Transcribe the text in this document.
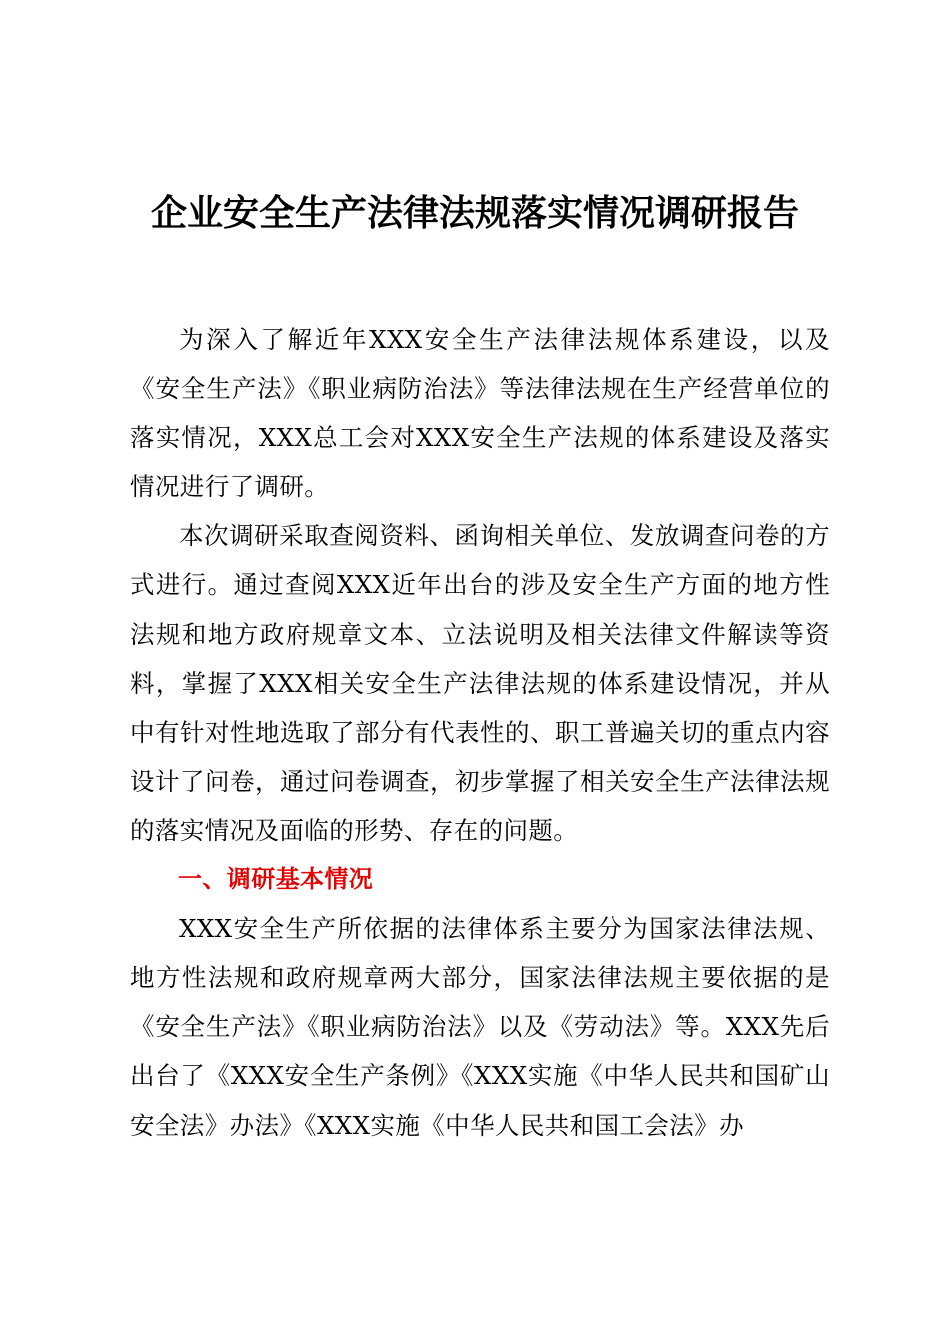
企业安全生产法律法规落实情况调研报告

为深入了解近年XXX安全生产法律法规体系建设，以及《安全生产法》《职业病防治法》等法律法规在生产经营单位的落实情况，XXX总工会对XXX安全生产法规的体系建设及落实情况进行了调研。

本次调研采取查阅资料、函询相关单位、发放调查问卷的方式进行。通过查阅XXX近年出台的涉及安全生产方面的地方性法规和地方政府规章文本、立法说明及相关法律文件解读等资料，掌握了XXX相关安全生产法律法规的体系建设情况，并从中有针对性地选取了部分有代表性的、职工普遍关切的重点内容设计了问卷，通过问卷调查，初步掌握了相关安全生产法律法规的落实情况及面临的形势、存在的问题。

一、调研基本情况

XXX安全生产所依据的法律体系主要分为国家法律法规、地方性法规和政府规章两大部分，国家法律法规主要依据的是《安全生产法》《职业病防治法》以及《劳动法》等。XXX先后出台了《XXX安全生产条例》《XXX实施《中华人民共和国矿山安全法》办法》《XXX实施《中华人民共和国工会法》办
